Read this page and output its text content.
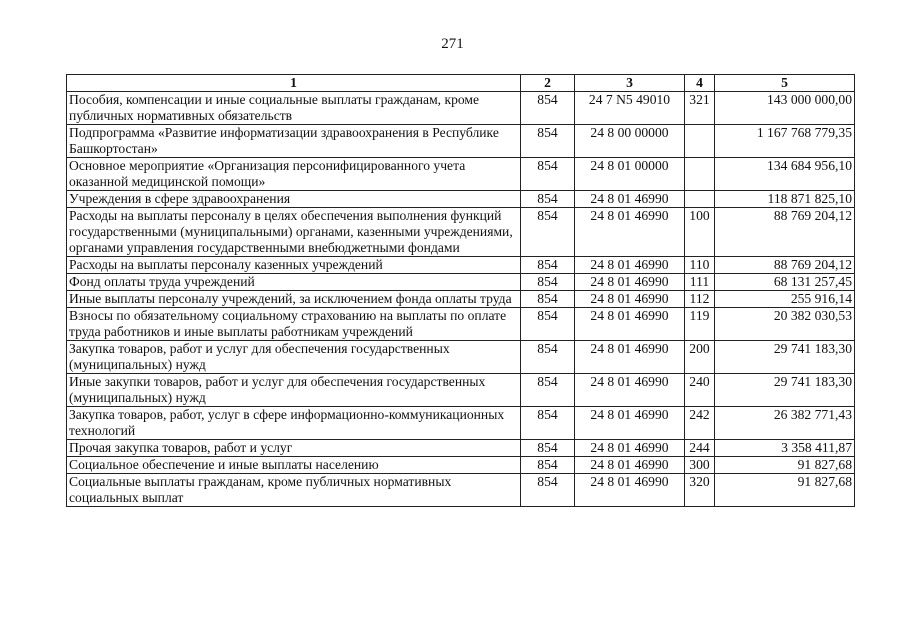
271
1	2	3	4	5
Пособия, компенсации и иные социальные выплаты гражданам, кроме публичных нормативных обязательств	854	24 7 N5 49010	321	143 000 000,00
Подпрограмма «Развитие информатизации здравоохранения в Республике Башкортостан»	854	24 8 00 00000		1 167 768 779,35
Основное мероприятие «Организация персонифицированного учета оказанной медицинской помощи»	854	24 8 01 00000		134 684 956,10
Учреждения в сфере здравоохранения	854	24 8 01 46990		118 871 825,10
Расходы на выплаты персоналу в целях обеспечения выполнения функций государственными (муниципальными) органами, казенными учреждениями, органами управления государственными внебюджетными фондами	854	24 8 01 46990	100	88 769 204,12
Расходы на выплаты персоналу казенных учреждений	854	24 8 01 46990	110	88 769 204,12
Фонд оплаты труда учреждений	854	24 8 01 46990	111	68 131 257,45
Иные выплаты персоналу учреждений, за исключением фонда оплаты труда	854	24 8 01 46990	112	255 916,14
Взносы по обязательному социальному страхованию на выплаты по оплате труда работников и иные выплаты работникам учреждений	854	24 8 01 46990	119	20 382 030,53
Закупка товаров, работ и услуг для обеспечения государственных (муниципальных) нужд	854	24 8 01 46990	200	29 741 183,30
Иные закупки товаров, работ и услуг для обеспечения государственных (муниципальных) нужд	854	24 8 01 46990	240	29 741 183,30
Закупка товаров, работ, услуг в сфере информационно-коммуникационных технологий	854	24 8 01 46990	242	26 382 771,43
Прочая закупка товаров, работ и услуг	854	24 8 01 46990	244	3 358 411,87
Социальное обеспечение и иные выплаты населению	854	24 8 01 46990	300	91 827,68
Социальные выплаты гражданам, кроме публичных нормативных социальных выплат	854	24 8 01 46990	320	91 827,68
